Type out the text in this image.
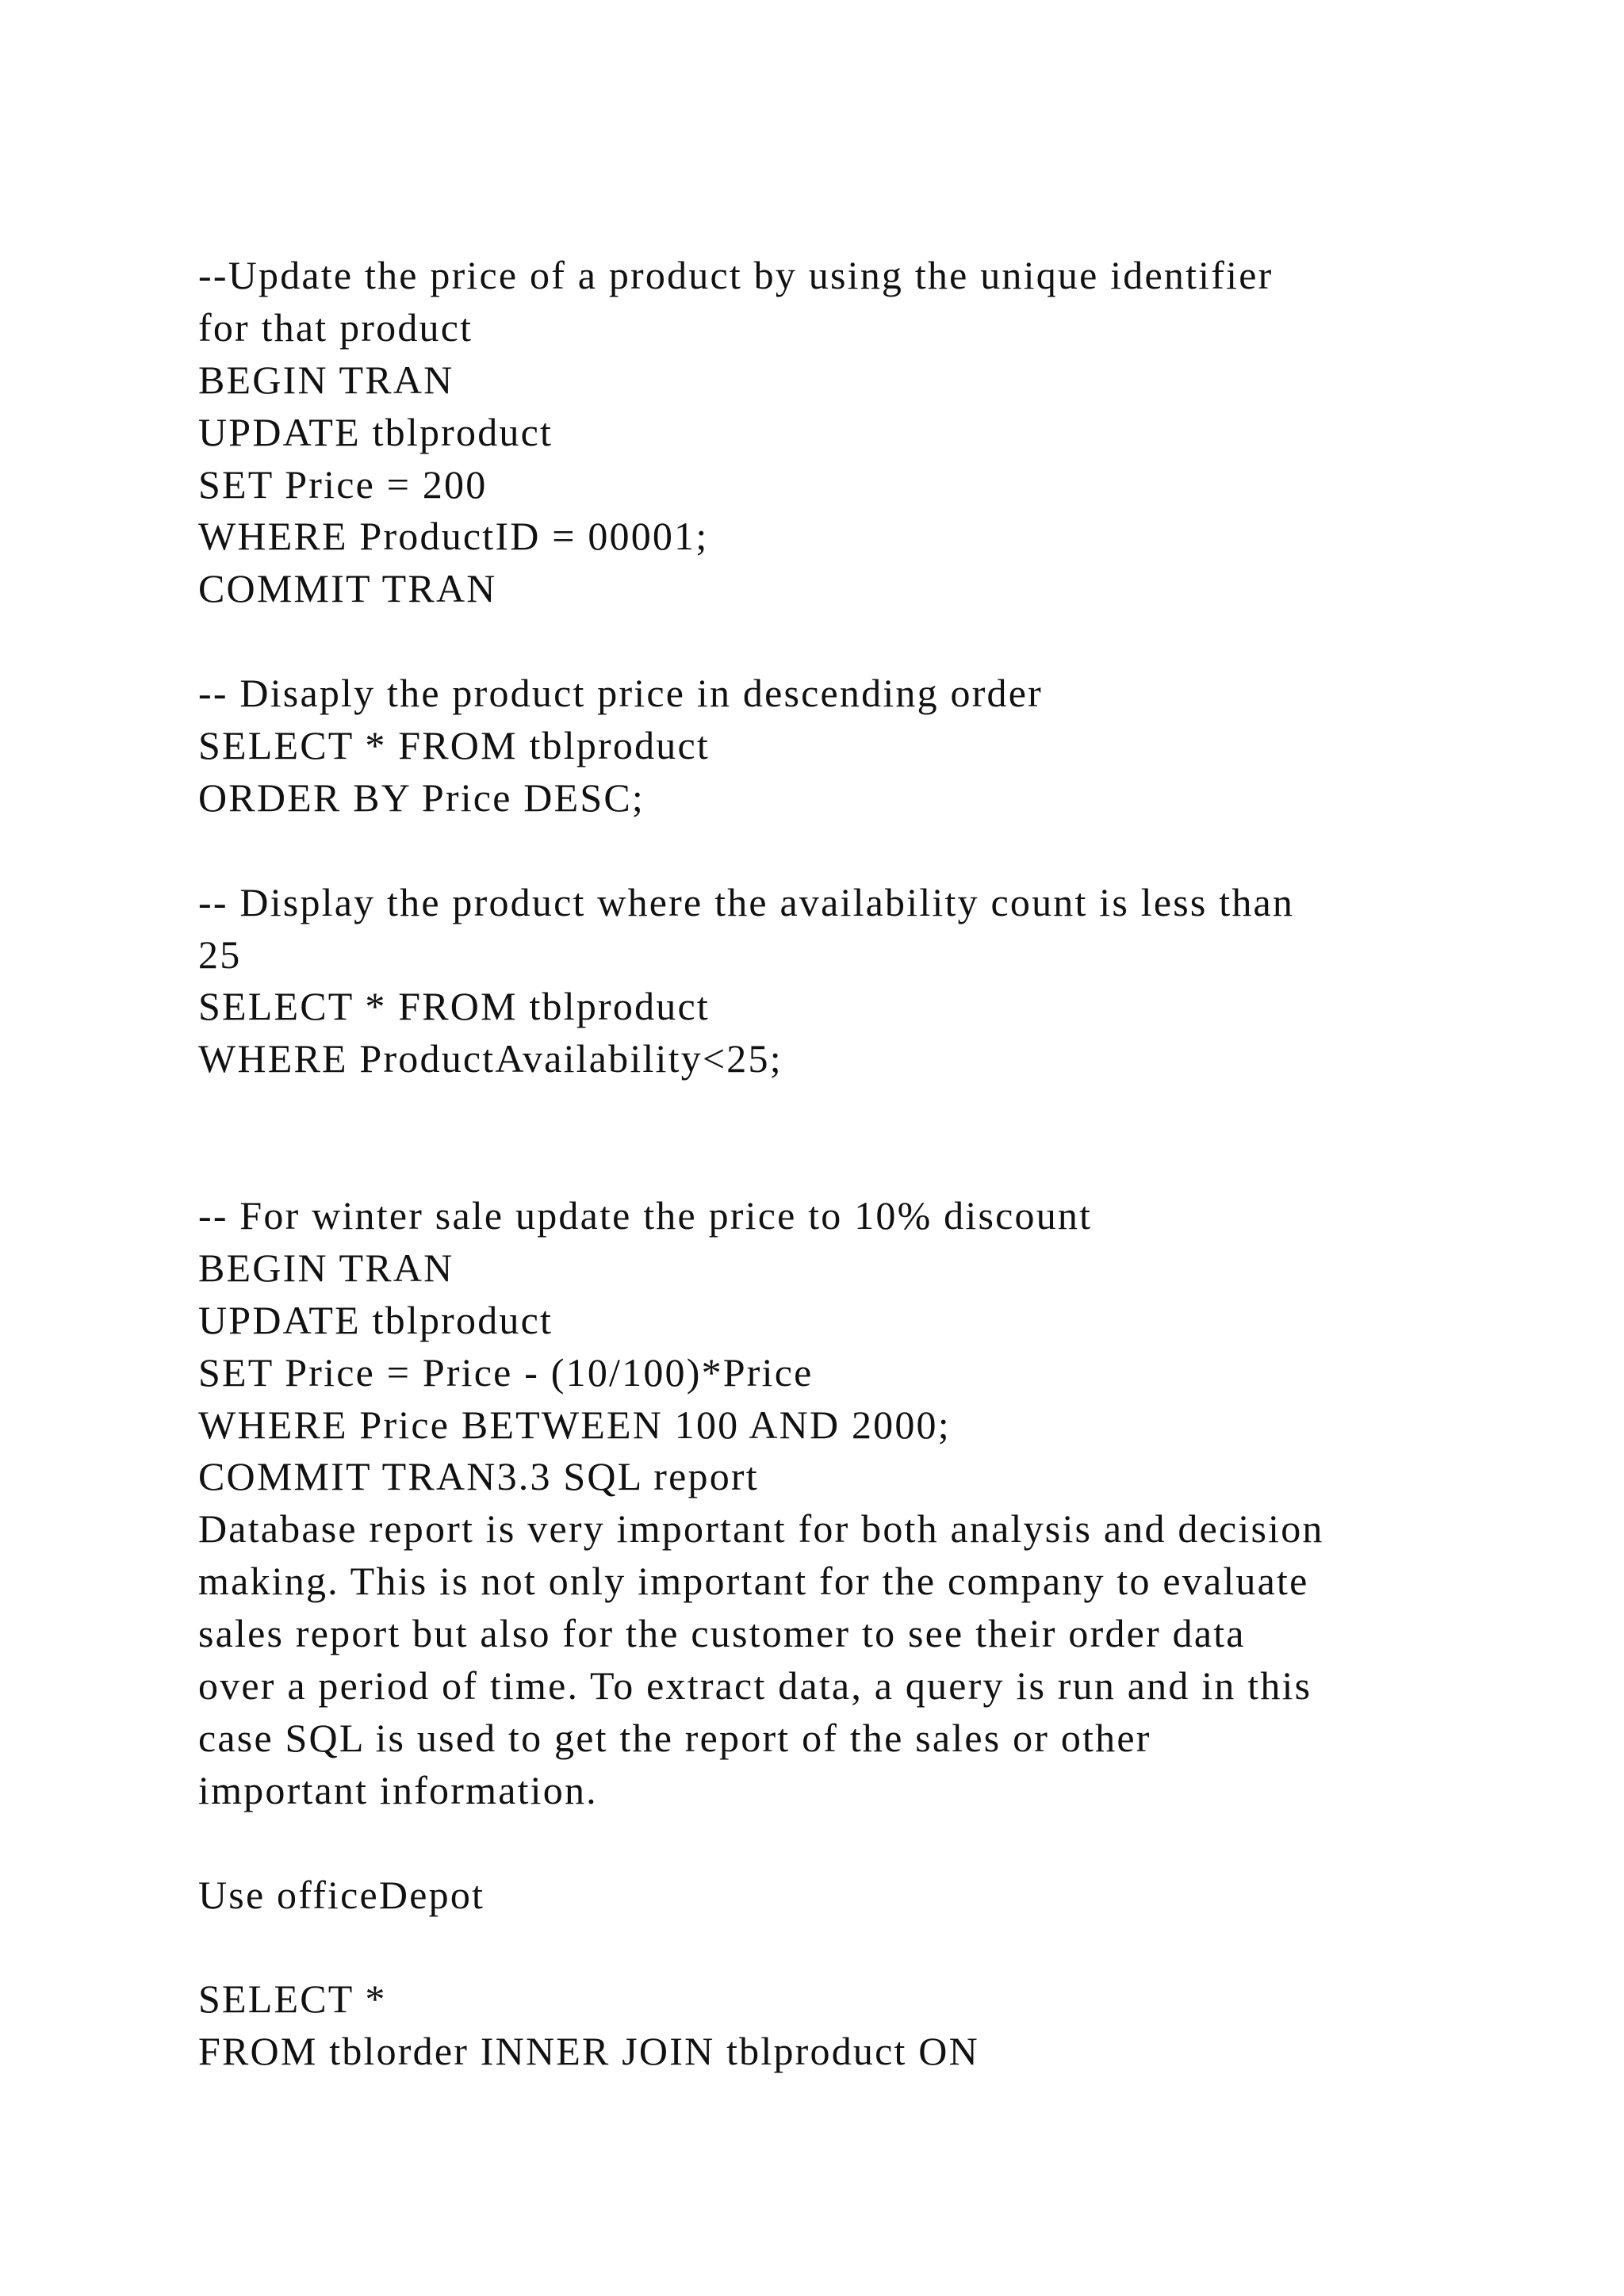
--Update the price of a product by using the unique identifier
for that product
BEGIN TRAN
UPDATE tblproduct
SET Price = 200
WHERE ProductID = 00001;
COMMIT TRAN
-- Disaply the product price in descending order
SELECT * FROM tblproduct
ORDER BY Price DESC;
-- Display the product where the availability count is less than
25
SELECT * FROM tblproduct
WHERE ProductAvailability<25;
-- For winter sale update the price to 10% discount
BEGIN TRAN
UPDATE tblproduct
SET Price = Price - (10/100)*Price
WHERE Price BETWEEN 100 AND 2000;
COMMIT TRAN3.3 SQL report
Database report is very important for both analysis and decision
making. This is not only important for the company to evaluate
sales report but also for the customer to see their order data
over a period of time. To extract data, a query is run and in this
case SQL is used to get the report of the sales or other
important information.
Use officeDepot
SELECT *
FROM tblorder INNER JOIN tblproduct ON
